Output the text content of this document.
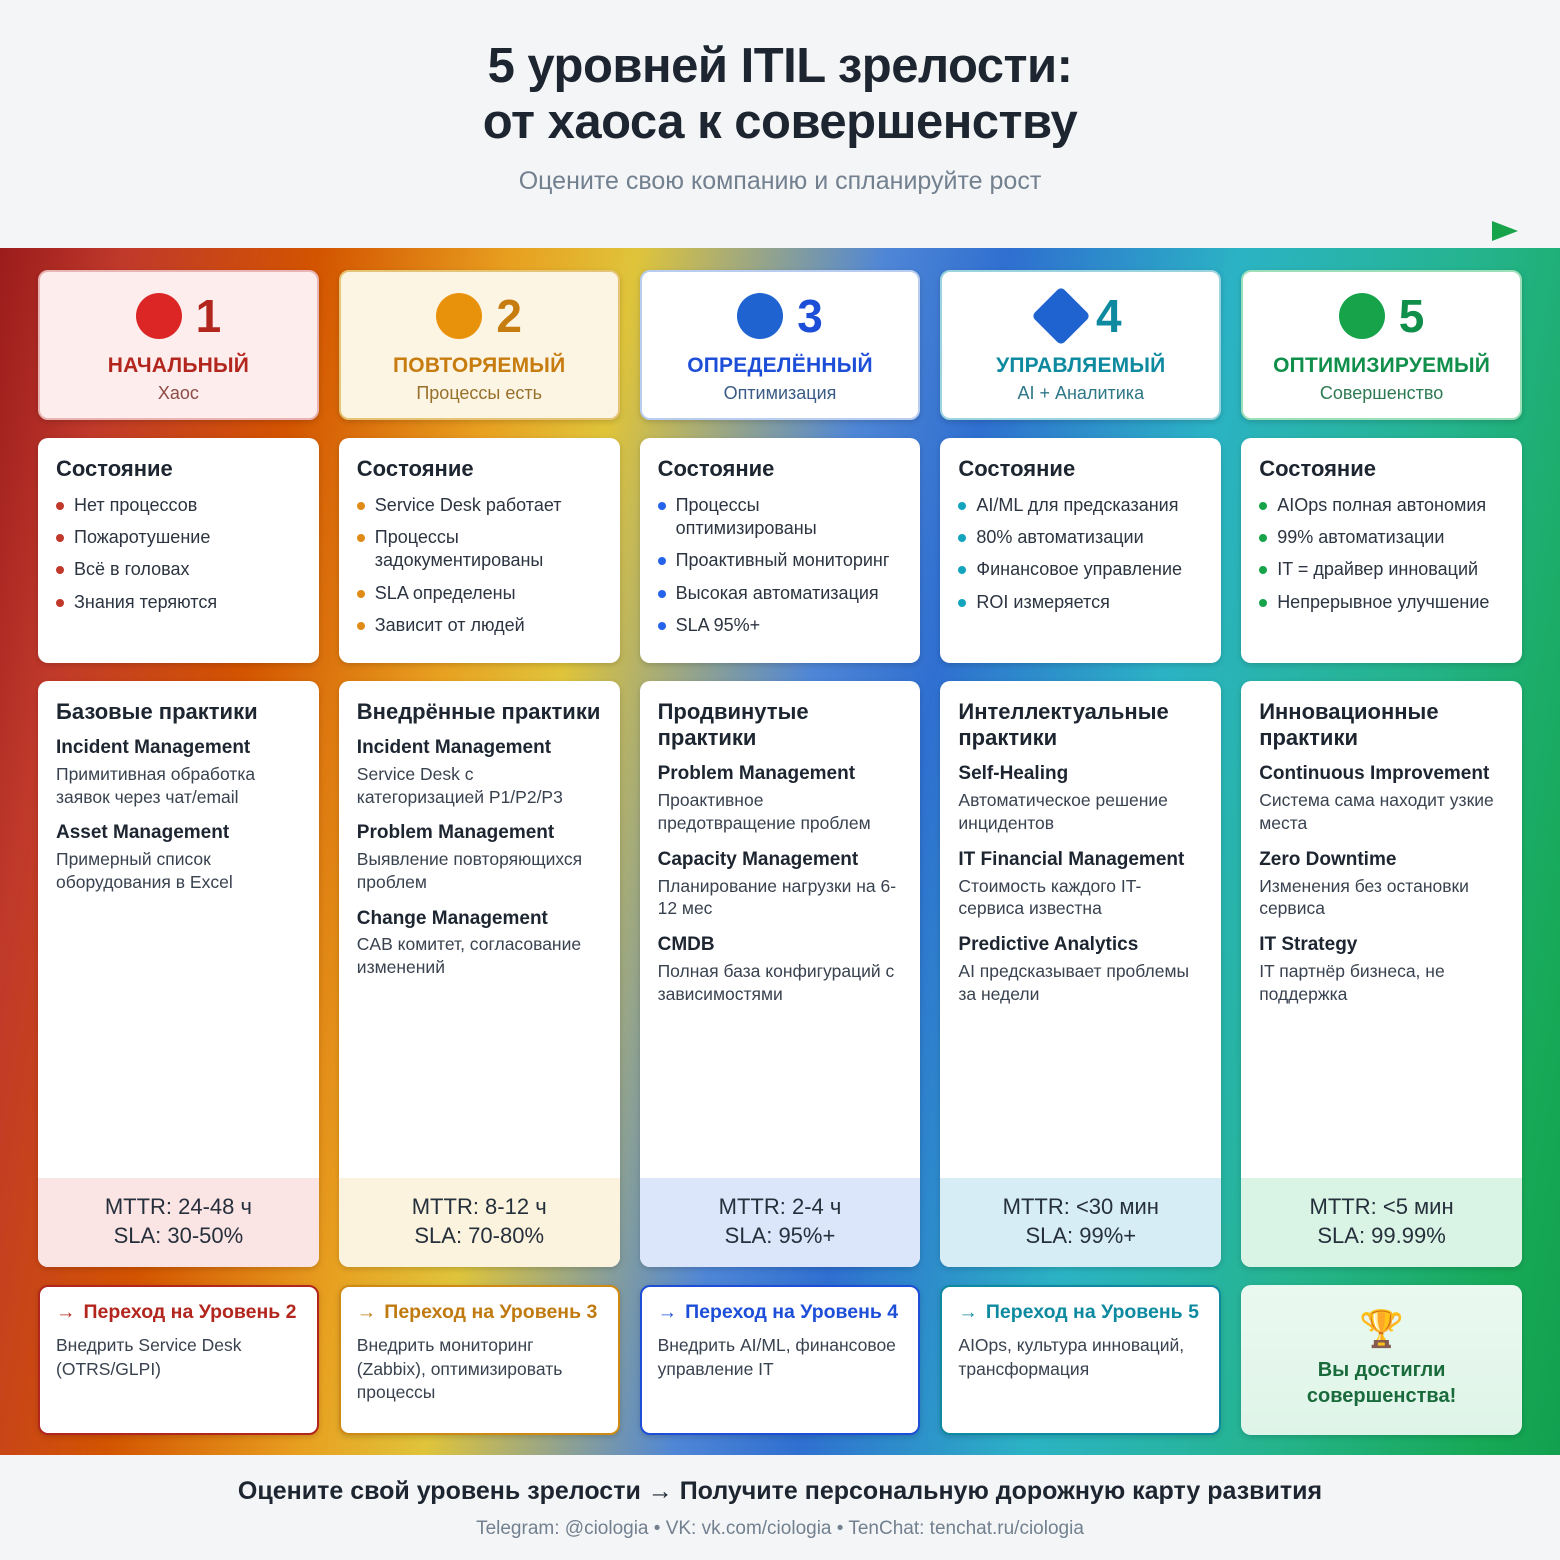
5 уровней ITIL зрелости:
от хаоса к совершенству
Оцените свою компанию и спланируйте рост
1
НАЧАЛЬНЫЙ
Хаос
2
ПОВТОРЯЕМЫЙ
Процессы есть
3
ОПРЕДЕЛЁННЫЙ
Оптимизация
4
УПРАВЛЯЕМЫЙ
AI + Аналитика
5
ОПТИМИЗИРУЕМЫЙ
Совершенство
Состояние
Нет процессов
Пожаротушение
Всё в головах
Знания теряются
Состояние
Service Desk работает
Процессы задокументированы
SLA определены
Зависит от людей
Состояние
Процессы оптимизированы
Проактивный мониторинг
Высокая автоматизация
SLA 95%+
Состояние
AI/ML для предсказания
80% автоматизации
Финансовое управление
ROI измеряется
Состояние
AIOps полная автономия
99% автоматизации
IT = драйвер инноваций
Непрерывное улучшение
Базовые практики
Incident Management
Примитивная обработка заявок через чат/email
Asset Management
Примерный список оборудования в Excel
MTTR: 24-48 ч
SLA: 30-50%
Внедрённые практики
Incident Management
Service Desk с категоризацией P1/P2/P3
Problem Management
Выявление повторяющихся проблем
Change Management
CAB комитет, согласование изменений
MTTR: 8-12 ч
SLA: 70-80%
Продвинутые практики
Problem Management
Проактивное предотвращение проблем
Capacity Management
Планирование нагрузки на 6-12 мес
CMDB
Полная база конфигураций с зависимостями
MTTR: 2-4 ч
SLA: 95%+
Интеллектуальные практики
Self-Healing
Автоматическое решение инцидентов
IT Financial Management
Стоимость каждого IT-сервиса известна
Predictive Analytics
AI предсказывает проблемы за недели
MTTR: <30 мин
SLA: 99%+
Инновационные практики
Continuous Improvement
Система сама находит узкие места
Zero Downtime
Изменения без остановки сервиса
IT Strategy
IT партнёр бизнеса, не поддержка
MTTR: <5 мин
SLA: 99.99%
→ Переход на Уровень 2
Внедрить Service Desk (OTRS/GLPI)
→ Переход на Уровень 3
Внедрить мониторинг (Zabbix), оптимизировать процессы
→ Переход на Уровень 4
Внедрить AI/ML, финансовое управление IT
→ Переход на Уровень 5
AIOps, культура инноваций, трансформация
🏆
Вы достигли совершенства!
Оцените свой уровень зрелости → Получите персональную дорожную карту развития
Telegram: @ciologia • VK: vk.com/ciologia • TenChat: tenchat.ru/ciologia
